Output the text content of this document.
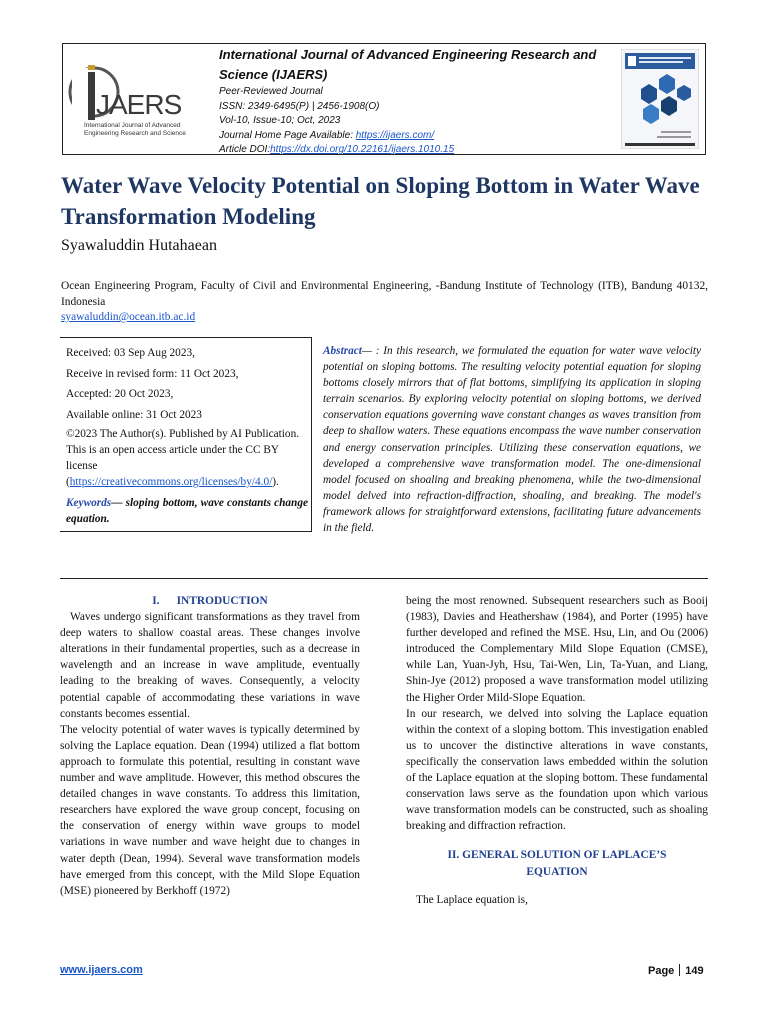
JAERS
International Journal of Advanced
Engineering Research and Science
International Journal of Advanced Engineering Research and Science (IJAERS)
Peer-Reviewed Journal
ISSN: 2349-6495(P) | 2456-1908(O)
Vol-10, Issue-10; Oct, 2023
Journal Home Page Available: https://ijaers.com/
Article DOI:https://dx.doi.org/10.22161/ijaers.1010.15
Water Wave Velocity Potential on Sloping Bottom in Water Wave Transformation Modeling
Syawaluddin Hutahaean
Ocean Engineering Program, Faculty of Civil and Environmental Engineering, -Bandung Institute of Technology (ITB), Bandung 40132, Indonesia
syawaluddin@ocean.itb.ac.id
Received: 03 Sep Aug 2023,
Receive in revised form: 11 Oct 2023,
Accepted: 20 Oct 2023,
Available online: 31 Oct 2023
©2023 The Author(s). Published by AI Publication. This is an open access article under the CC BY license
(https://creativecommons.org/licenses/by/4.0/).
Keywords— sloping bottom, wave constants change equation.
Abstract— : In this research, we formulated the equation for water wave velocity potential on sloping bottoms. The resulting velocity potential equation for sloping bottoms closely mirrors that of flat bottoms, simplifying its application in sloping terrain scenarios. By exploring velocity potential on sloping bottoms, we derived conservation equations governing wave constant changes as waves transition from deep to shallow waters. These equations encompass the wave number conservation and energy conservation principles. Utilizing these conservation equations, we developed a comprehensive wave transformation model. The one-dimensional model focused on shoaling and breaking phenomena, while the two-dimensional model delved into refraction-diffraction, shoaling, and breaking. The model's framework allows for straightforward extensions, facilitating future advancements in the field.
I.      INTRODUCTION

Waves undergo significant transformations as they travel from deep waters to shallow coastal areas. These changes involve alterations in their fundamental properties, such as a decrease in wavelength and an increase in wave amplitude, eventually leading to the breaking of waves. Consequently, a velocity potential capable of accommodating these variations in wave constants becomes essential.

The velocity potential of water waves is typically determined by solving the Laplace equation. Dean (1994) utilized a flat bottom approach to formulate this potential, resulting in constant wave number and wave amplitude. However, this method obscures the detailed changes in wave constants. To address this limitation, researchers have explored the wave group concept, focusing on the conservation of energy within wave groups to model variations in wave number and wave height due to changes in water depth (Dean, 1994). Several wave transformation models have emerged from this concept, with the Mild Slope Equation (MSE) pioneered by Berkhoff (1972)

being the most renowned. Subsequent researchers such as Booij (1983), Davies and Heathershaw (1984), and Porter (1995) have further developed and refined the MSE. Hsu, Lin, and Ou (2006) introduced the Complementary Mild Slope Equation (CMSE), while Lan, Yuan-Jyh, Hsu, Tai-Wen, Lin, Ta-Yuan, and Liang, Shin-Jye (2012) proposed a wave transformation model utilizing the Higher Order Mild-Slope Equation.

In our research, we delved into solving the Laplace equation within the context of a sloping bottom. This investigation enabled us to uncover the distinctive alterations in wave constants, specifically the conservation laws embedded within the solution of the Laplace equation at the sloping bottom. These fundamental conservation laws serve as the foundation upon which various wave transformation models can be constructed, such as shoaling breaking and diffraction refraction.

II. GENERAL SOLUTION OF LAPLACE’S
EQUATION

The Laplace equation is,

www.ijaers.com	Page 149
